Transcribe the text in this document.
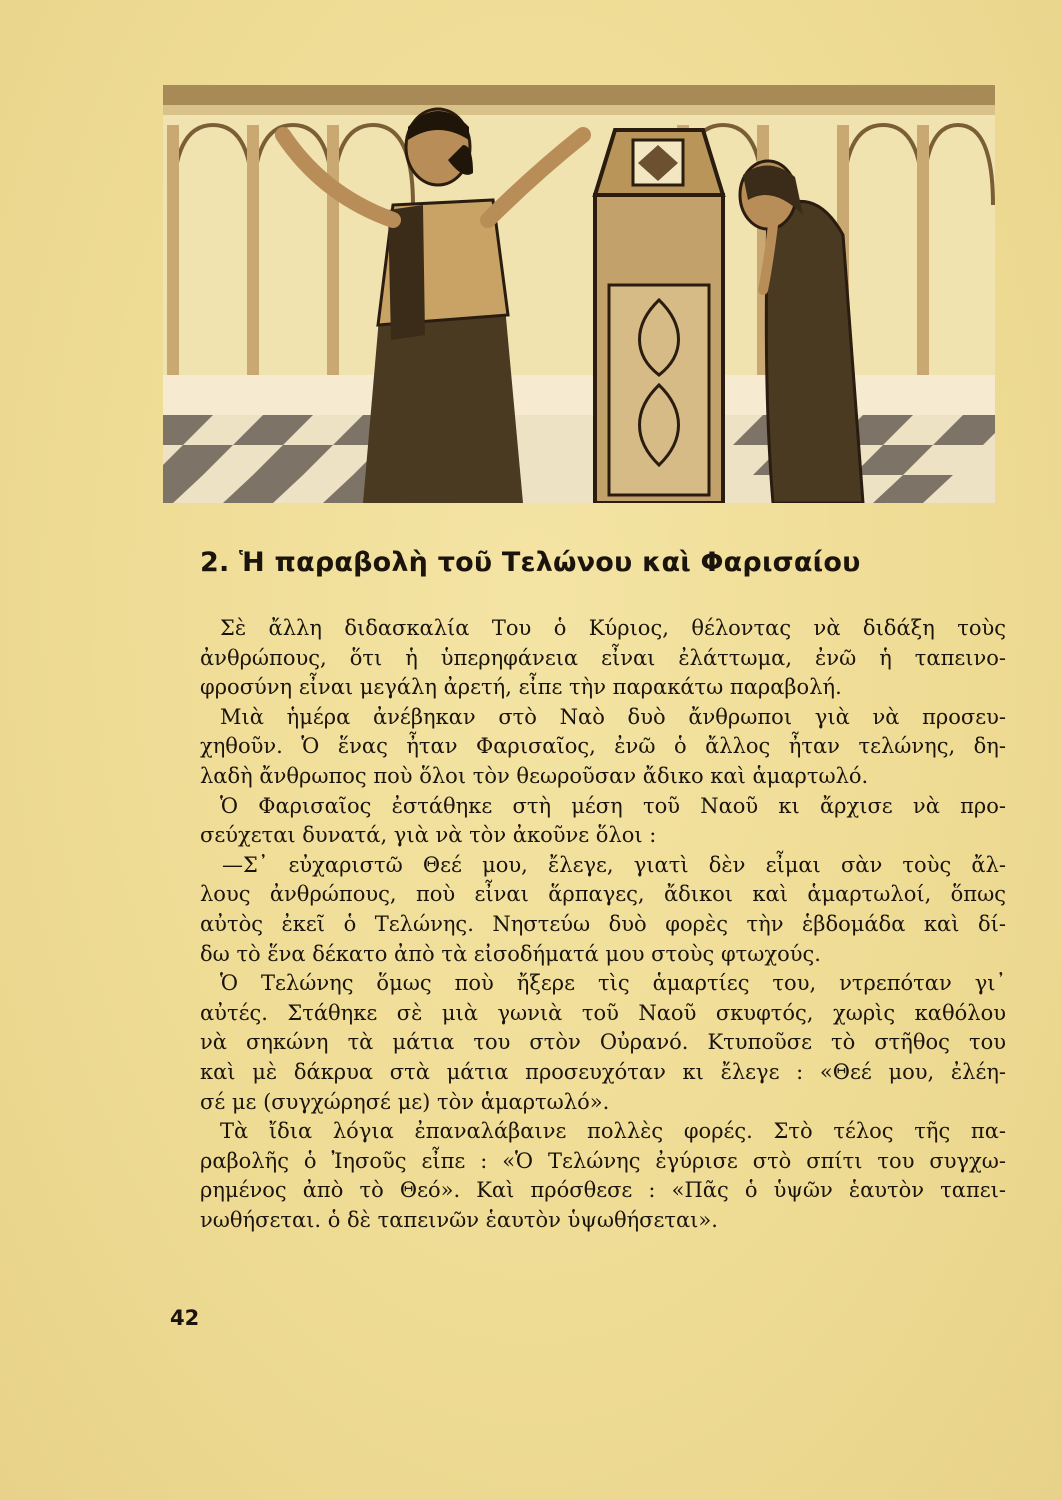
2. Ἡ παραβολὴ τοῦ Τελώνου καὶ Φαρισαίου

Σὲ ἄλλη διδασκαλία Του ὁ Κύριος, θέλοντας νὰ διδάξη τοὺς
ἀνθρώπους, ὅτι ἡ ὑπερηφάνεια εἶναι ἐλάττωμα, ἐνῶ ἡ ταπεινο-
φροσύνη εἶναι μεγάλη ἀρετή, εἶπε τὴν παρακάτω παραβολή.

Μιὰ ἡμέρα ἀνέβηκαν στὸ Ναὸ δυὸ ἄνθρωποι γιὰ νὰ προσευ-
χηθοῦν. Ὁ ἕνας ἦταν Φαρισαῖος, ἐνῶ ὁ ἄλλος ἦταν τελώνης, δη-
λαδὴ ἄνθρωπος ποὺ ὅλοι τὸν θεωροῦσαν ἄδικο καὶ ἁμαρτωλό.

Ὁ Φαρισαῖος ἐστάθηκε στὴ μέση τοῦ Ναοῦ κι ἄρχισε νὰ προ-
σεύχεται δυνατά, γιὰ νὰ τὸν ἀκοῦνε ὅλοι :

—Σ᾽ εὐχαριστῶ Θεέ μου, ἔλεγε, γιατὶ δὲν εἶμαι σὰν τοὺς ἄλ-
λους ἀνθρώπους, ποὺ εἶναι ἅρπαγες, ἄδικοι καὶ ἁμαρτωλοί, ὅπως
αὐτὸς ἐκεῖ ὁ Τελώνης. Νηστεύω δυὸ φορὲς τὴν ἑβδομάδα καὶ δί-
δω τὸ ἕνα δέκατο ἀπὸ τὰ εἰσοδήματά μου στοὺς φτωχούς.

Ὁ Τελώνης ὅμως ποὺ ἤξερε τὶς ἁμαρτίες του, ντρεπόταν γι᾽
αὐτές. Στάθηκε σὲ μιὰ γωνιὰ τοῦ Ναοῦ σκυφτός, χωρὶς καθόλου
νὰ σηκώνη τὰ μάτια του στὸν Οὐρανό. Κτυποῦσε τὸ στῆθος του
καὶ μὲ δάκρυα στὰ μάτια προσευχόταν κι ἔλεγε : «Θεέ μου, ἐλέη-
σέ με (συγχώρησέ με) τὸν ἁμαρτωλό».

Τὰ ἴδια λόγια ἐπαναλάβαινε πολλὲς φορές. Στὸ τέλος τῆς πα-
ραβολῆς ὁ Ἰησοῦς εἶπε : «Ὁ Τελώνης ἐγύρισε στὸ σπίτι του συγχω-
ρημένος ἀπὸ τὸ Θεό». Καὶ πρόσθεσε : «Πᾶς ὁ ὑψῶν ἑαυτὸν ταπει-
νωθήσεται. ὁ δὲ ταπεινῶν ἑαυτὸν ὑψωθήσεται».

42
